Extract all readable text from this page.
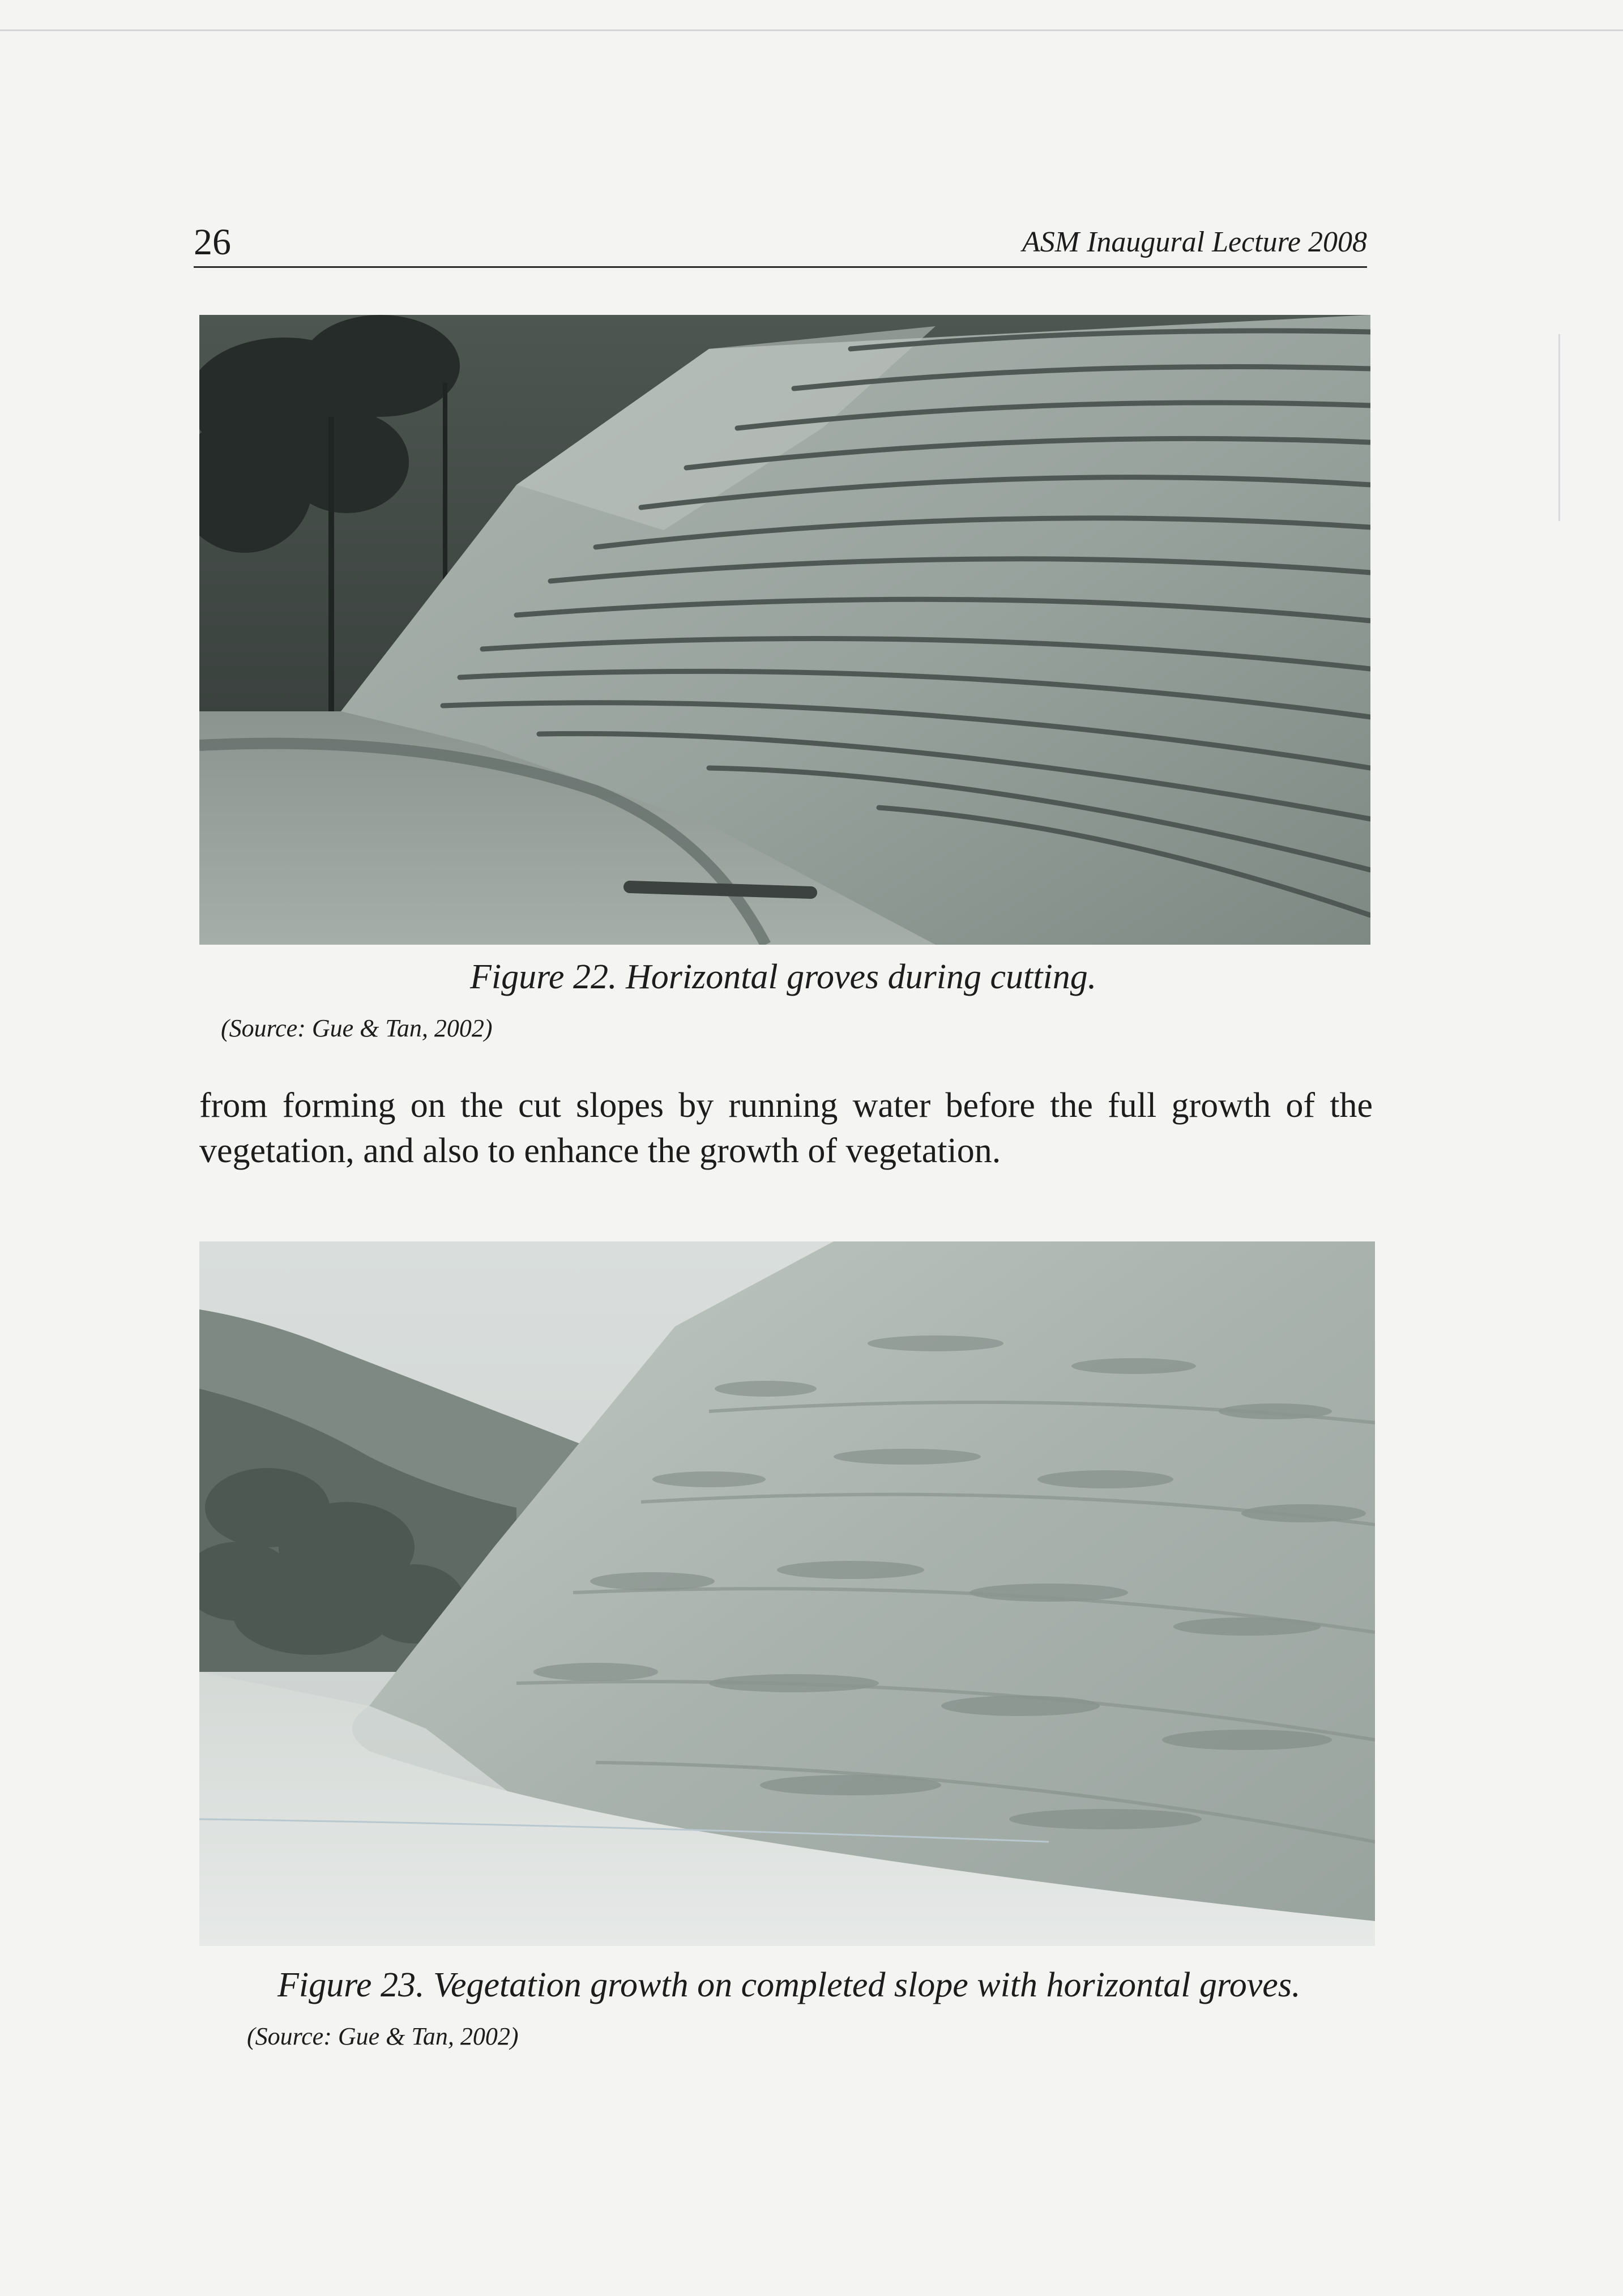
26	ASM Inaugural Lecture 2008
Figure 22. Horizontal groves during cutting.
(Source: Gue & Tan, 2002)
from forming on the cut slopes by running water before the full growth of the
vegetation, and also to enhance the growth of vegetation.
Figure 23. Vegetation growth on completed slope with horizontal groves.
(Source: Gue & Tan, 2002)
